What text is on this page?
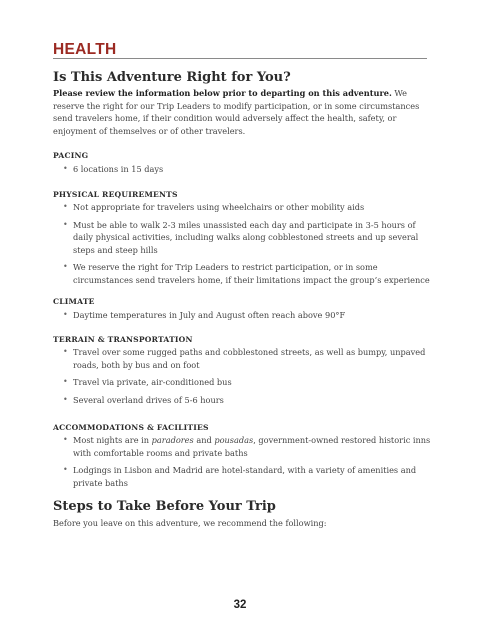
HEALTH
Is This Adventure Right for You?
Please review the information below prior to departing on this adventure. We reserve the right for our Trip Leaders to modify participation, or in some circumstances send travelers home, if their condition would adversely affect the health, safety, or enjoyment of themselves or of other travelers.
PACING
• 6 locations in 15 days
PHYSICAL REQUIREMENTS
• Not appropriate for travelers using wheelchairs or other mobility aids
• Must be able to walk 2-3 miles unassisted each day and participate in 3-5 hours of daily physical activities, including walks along cobblestoned streets and up several steps and steep hills
• We reserve the right for Trip Leaders to restrict participation, or in some circumstances send travelers home, if their limitations impact the group’s experience
CLIMATE
• Daytime temperatures in July and August often reach above 90°F
TERRAIN & TRANSPORTATION
• Travel over some rugged paths and cobblestoned streets, as well as bumpy, unpaved roads, both by bus and on foot
• Travel via private, air-conditioned bus
• Several overland drives of 5-6 hours
ACCOMMODATIONS & FACILITIES
• Most nights are in paradores and pousadas, government-owned restored historic inns with comfortable rooms and private baths
• Lodgings in Lisbon and Madrid are hotel-standard, with a variety of amenities and private baths
Steps to Take Before Your Trip
Before you leave on this adventure, we recommend the following:
32
